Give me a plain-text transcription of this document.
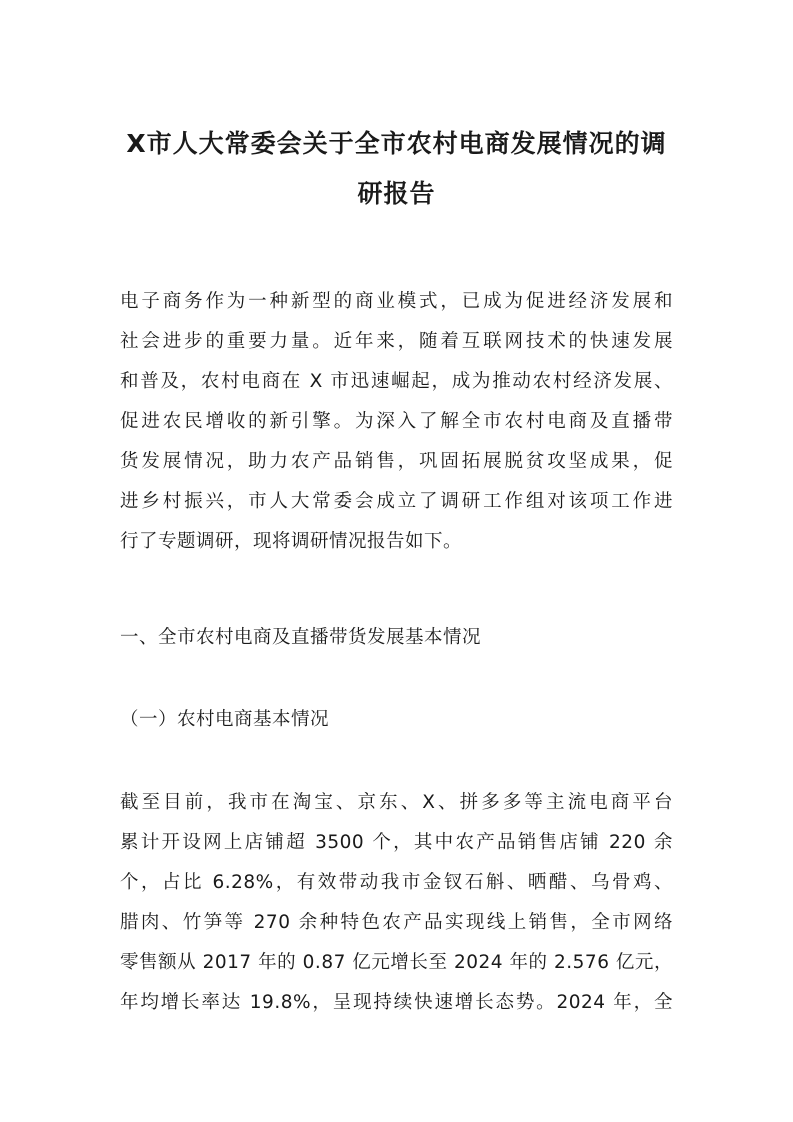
X市人大常委会关于全市农村电商发展情况的调
研报告
电子商务作为一种新型的商业模式，已成为促进经济发展和
社会进步的重要力量。近年来，随着互联网技术的快速发展
和普及，农村电商在 X 市迅速崛起，成为推动农村经济发展、
促进农民增收的新引擎。为深入了解全市农村电商及直播带
货发展情况，助力农产品销售，巩固拓展脱贫攻坚成果，促
进乡村振兴，市人大常委会成立了调研工作组对该项工作进
行了专题调研，现将调研情况报告如下。
一、全市农村电商及直播带货发展基本情况
（一）农村电商基本情况
截至目前，我市在淘宝、京东、X、拼多多等主流电商平台
累计开设网上店铺超 3500 个，其中农产品销售店铺 220 余
个，占比 6.28%，有效带动我市金钗石斛、晒醋、乌骨鸡、
腊肉、竹笋等 270 余种特色农产品实现线上销售，全市网络
零售额从 2017 年的 0.87 亿元增长至 2024 年的 2.576 亿元，
年均增长率达 19.8%，呈现持续快速增长态势。2024 年，全
